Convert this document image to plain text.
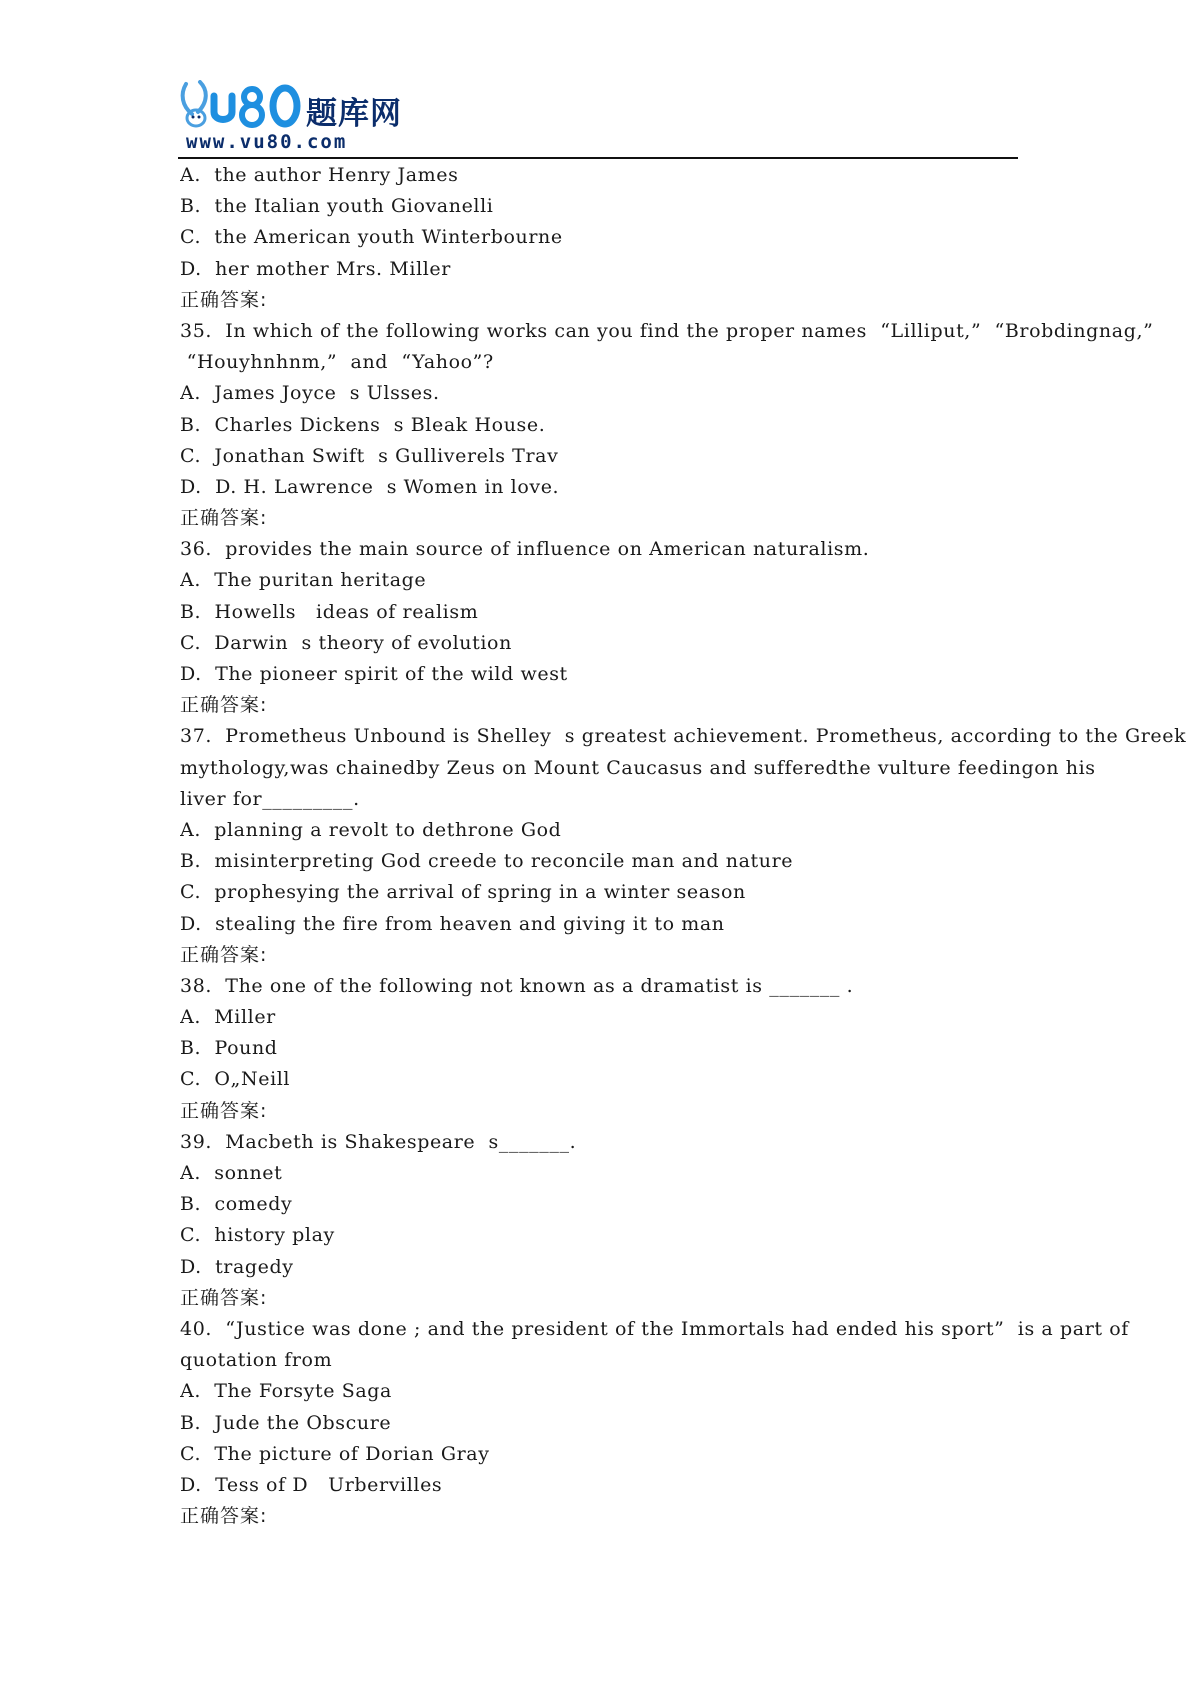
题库网
www.vu80.com
A.  the author Henry James
B.  the Italian youth Giovanelli
C.  the American youth Winterbourne
D.  her mother Mrs. Miller
正确答案:
35.  In which of the following works can you find the proper names  “Lilliput,”  “Brobdingnag,”
“Houyhnhnm,”  and  “Yahoo”?
A.  James Joyce  s Ulsses.
B.  Charles Dickens  s Bleak House.
C.  Jonathan Swift  s Gulliverels Trav
D.  D. H. Lawrence  s Women in love.
正确答案:
36.  provides the main source of influence on American naturalism.
A.  The puritan heritage
B.  Howells   ideas of realism
C.  Darwin  s theory of evolution
D.  The pioneer spirit of the wild west
正确答案:
37.  Prometheus Unbound is Shelley  s greatest achievement. Prometheus, according to the Greek
mythology,was chainedby Zeus on Mount Caucasus and sufferedthe vulture feedingon his
liver for_________.
A.  planning a revolt to dethrone God
B.  misinterpreting God creede to reconcile man and nature
C.  prophesying the arrival of spring in a winter season
D.  stealing the fire from heaven and giving it to man
正确答案:
38.  The one of the following not known as a dramatist is _______ .
A.  Miller
B.  Pound
C.  O„Neill
正确答案:
39.  Macbeth is Shakespeare  s_______.
A.  sonnet
B.  comedy
C.  history play
D.  tragedy
正确答案:
40.  “Justice was done ; and the president of the Immortals had ended his sport”  is a part of
quotation from
A.  The Forsyte Saga
B.  Jude the Obscure
C.  The picture of Dorian Gray
D.  Tess of D   Urbervilles
正确答案:
